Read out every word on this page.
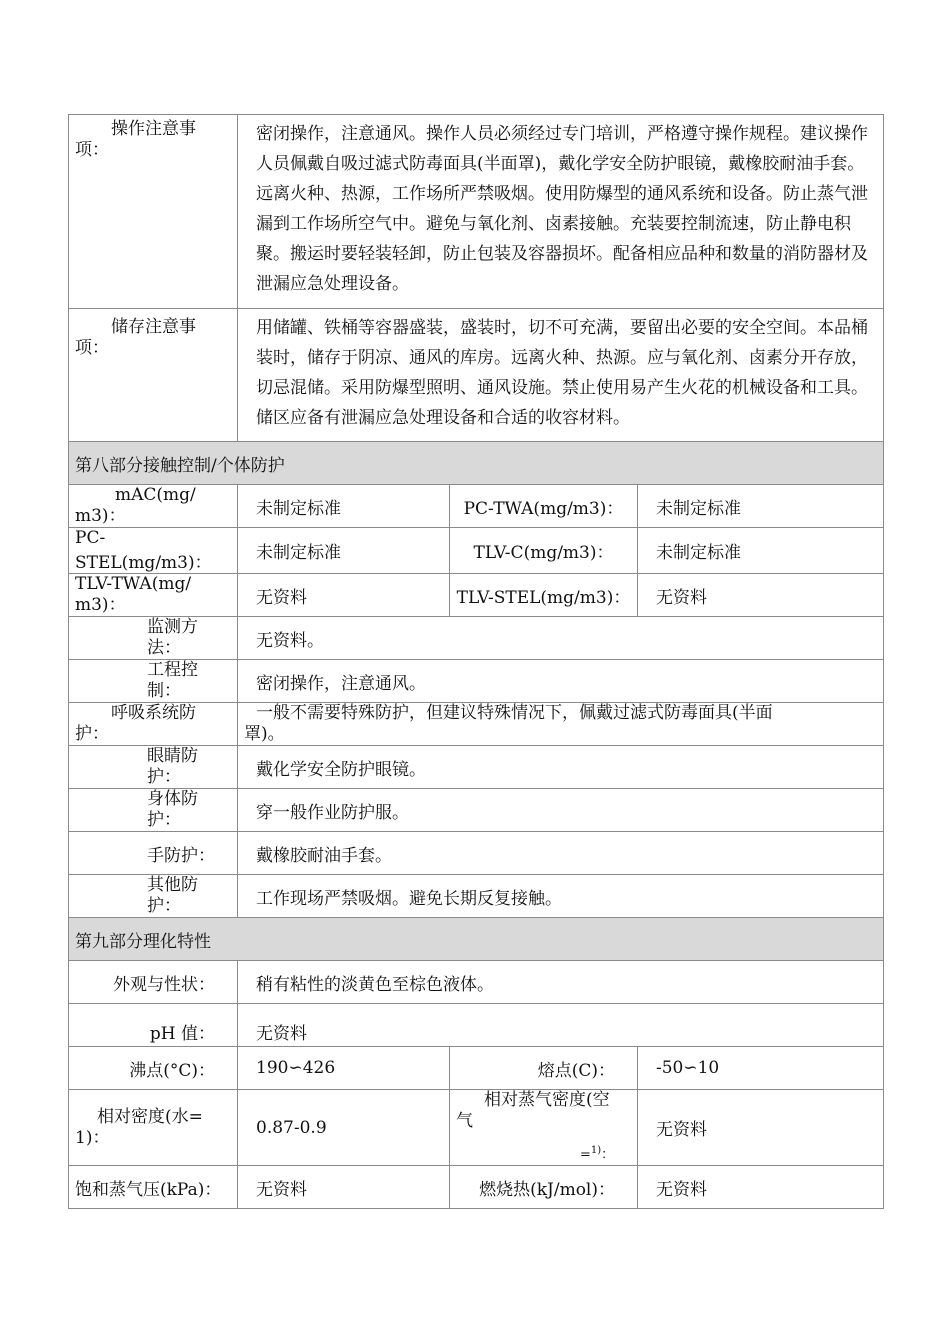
操作注意事
项：	密闭操作，注意通风。操作人员必须经过专门培训，严格遵守操作规程。建议操作人员佩戴自吸过滤式防毒面具(半面罩)，戴化学安全防护眼镜，戴橡胶耐油手套。远离火种、热源，工作场所严禁吸烟。使用防爆型的通风系统和设备。防止蒸气泄漏到工作场所空气中。避免与氧化剂、卤素接触。充装要控制流速，防止静电积聚。搬运时要轻装轻卸，防止包装及容器损坏。配备相应品种和数量的消防器材及泄漏应急处理设备。		

储存注意事
项：	用储罐、铁桶等容器盛装，盛装时，切不可充满，要留出必要的安全空间。本品桶装时，储存于阴凉、通风的库房。远离火种、热源。应与氧化剂、卤素分开存放，切忌混储。采用防爆型照明、通风设施。禁止使用易产生火花的机械设备和工具。储区应备有泄漏应急处理设备和合适的收容材料。		

第八部分接触控制/个体防护			

mAC(mg/
m3)：	未制定标准	PC-TWA(mg/m3)：	未制定标准
PC-STEL(mg/m3)：	未制定标准	TLV-C(mg/m3)：	未制定标准

TLV-TWA(mg/
m3)：	无资料	TLV-STEL(mg/m3)：	无资料

监测方
法：	无资料。		

工程控
制：	密闭操作，注意通风。		

呼吸系统防
护：	一般不需要特殊防护，但建议特殊情况下，佩戴过滤式防毒面具(半面
罩)。		

眼睛防
护：	戴化学安全防护眼镜。		

身体防
护：	穿一般作业防护服。		
手防护：	戴橡胶耐油手套。		

其他防
护：	工作现场严禁吸烟。避免长期反复接触。		
第九部分理化特性			
外观与性状：	稍有粘性的淡黄色至棕色液体。		
pH 值：	无资料		
沸点(°C)：	190∽426	熔点(C)：	-50∽10

相对密度(水=
1)：	0.87-0.9	相对蒸气密度(空
气
=$^{1)}$：	无资料
饱和蒸气压(kPa)：	无资料	燃烧热(kJ/mol)：	无资料
